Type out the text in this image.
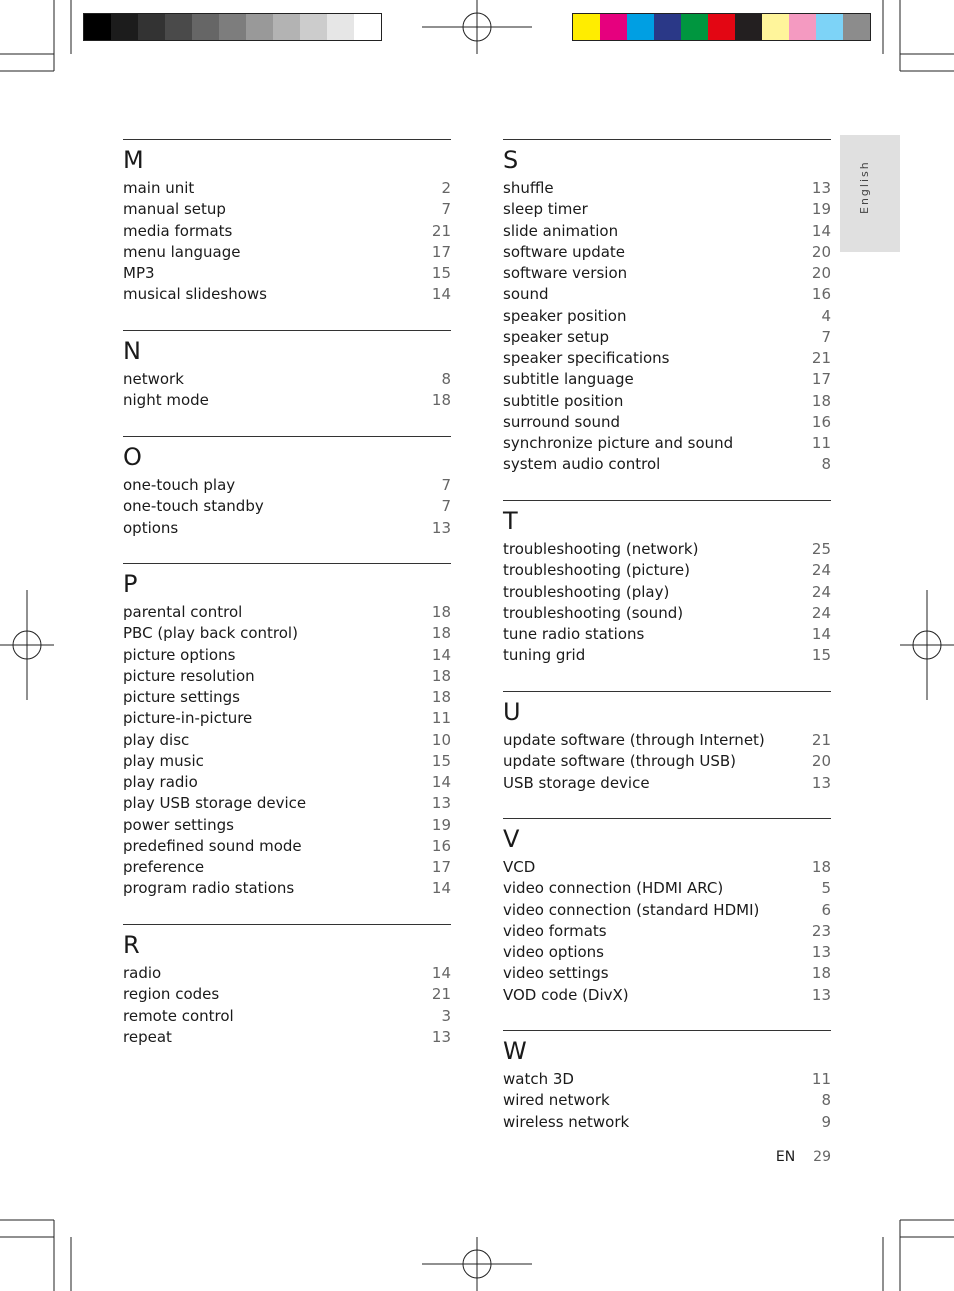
English
M
main unit	2
manual setup	7
media formats	21
menu language	17
MP3	15
musical slideshows	14
N
network	8
night mode	18
O
one-touch play	7
one-touch standby	7
options	13
P
parental control	18
PBC (play back control)	18
picture options	14
picture resolution	18
picture settings	18
picture-in-picture	11
play disc	10
play music	15
play radio	14
play USB storage device	13
power settings	19
predefined sound mode	16
preference	17
program radio stations	14
R
radio	14
region codes	21
remote control	3
repeat	13
S
shuffle	13
sleep timer	19
slide animation	14
software update	20
software version	20
sound	16
speaker position	4
speaker setup	7
speaker specifications	21
subtitle language	17
subtitle position	18
surround sound	16
synchronize picture and sound	11
system audio control	8
T
troubleshooting (network)	25
troubleshooting (picture)	24
troubleshooting (play)	24
troubleshooting (sound)	24
tune radio stations	14
tuning grid	15
U
update software (through Internet)	21
update software (through USB)	20
USB storage device	13
V
VCD	18
video connection (HDMI ARC)	5
video connection (standard HDMI)	6
video formats	23
video options	13
video settings	18
VOD code (DivX)	13
W
watch 3D	11
wired network	8
wireless network	9
EN 29
